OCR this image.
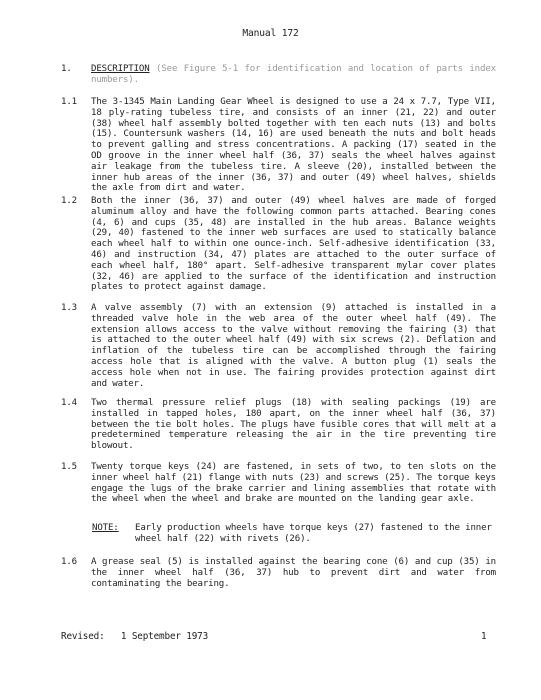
Manual 172
1. DESCRIPTION (See Figure 5-1 for identification and location of parts index numbers).
1.1 The 3-1345 Main Landing Gear Wheel is designed to use a 24 x 7.7, Type VII, 18 ply-rating tubeless tire, and consists of an inner (21, 22) and outer (38) wheel half assembly bolted together with ten each nuts (13) and bolts (15). Countersunk washers (14, 16) are used beneath the nuts and bolt heads to prevent galling and stress concentrations. A packing (17) seated in the OD groove in the inner wheel half (36, 37) seals the wheel halves against air leakage from the tubeless tire. A sleeve (20), installed between the inner hub areas of the inner (36, 37) and outer (49) wheel halves, shields the axle from dirt and water.
1.2 Both the inner (36, 37) and outer (49) wheel halves are made of forged aluminum alloy and have the following common parts attached. Bearing cones (4, 6) and cups (35, 48) are installed in the hub areas. Balance weights (29, 40) fastened to the inner web surfaces are used to statically balance each wheel half to within one ounce-inch. Self-adhesive identification (33, 46) and instruction (34, 47) plates are attached to the outer surface of each wheel half, 180° apart. Self-adhesive transparent mylar cover plates (32, 46) are applied to the surface of the identification and instruction plates to protect against damage.
1.3 A valve assembly (7) with an extension (9) attached is installed in a threaded valve hole in the web area of the outer wheel half (49). The extension allows access to the valve without removing the fairing (3) that is attached to the outer wheel half (49) with six screws (2). Deflation and inflation of the tubeless tire can be accomplished through the fairing access hole that is aligned with the valve. A button plug (1) seals the access hole when not in use. The fairing provides protection against dirt and water.
1.4 Two thermal pressure relief plugs (18) with sealing packings (19) are installed in tapped holes, 180 apart, on the inner wheel half (36, 37) between the tie bolt holes. The plugs have fusible cores that will melt at a predetermined temperature releasing the air in the tire preventing tire blowout.
1.5 Twenty torque keys (24) are fastened, in sets of two, to ten slots on the inner wheel half (21) flange with nuts (23) and screws (25). The torque keys engage the lugs of the brake carrier and lining assemblies that rotate with the wheel when the wheel and brake are mounted on the landing gear axle.
NOTE: Early production wheels have torque keys (27) fastened to the inner wheel half (22) with rivets (26).
1.6 A grease seal (5) is installed against the bearing cone (6) and cup (35) in the inner wheel half (36, 37) hub to prevent dirt and water from contaminating the bearing.
Revised:   1 September 1973	1
